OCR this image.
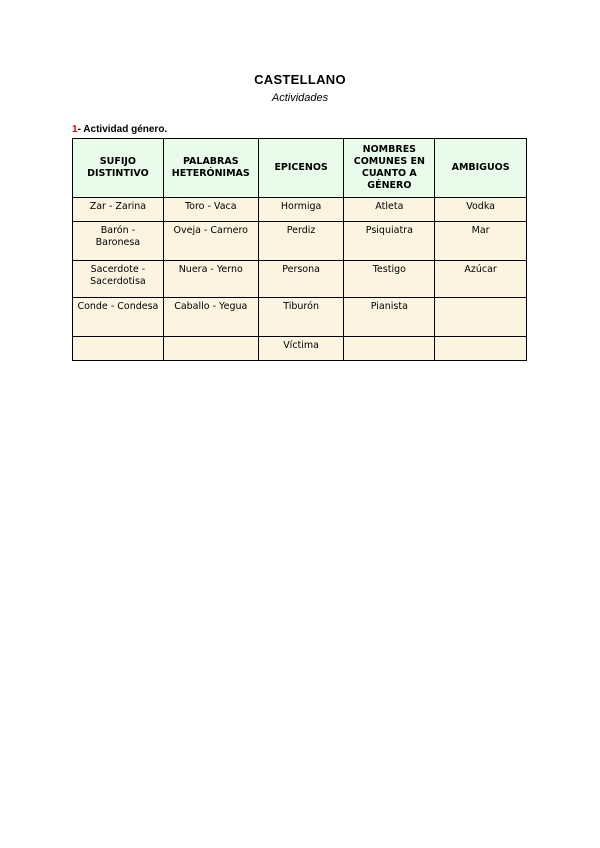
CASTELLANO
Actividades
1- Actividad género.
SUFIJO DISTINTIVO	PALABRAS HETERÓNIMAS	EPICENOS	NOMBRES COMUNES EN CUANTO A GÉNERO	AMBIGUOS
Zar - Zarina	Toro - Vaca	Hormiga	Atleta	Vodka
Barón - Baronesa	Oveja - Carnero	Perdiz	Psiquiatra	Mar
Sacerdote - Sacerdotisa	Nuera - Yerno	Persona	Testigo	Azúcar
Conde - Condesa	Caballo - Yegua	Tiburón	Pianista	
		Víctima		
